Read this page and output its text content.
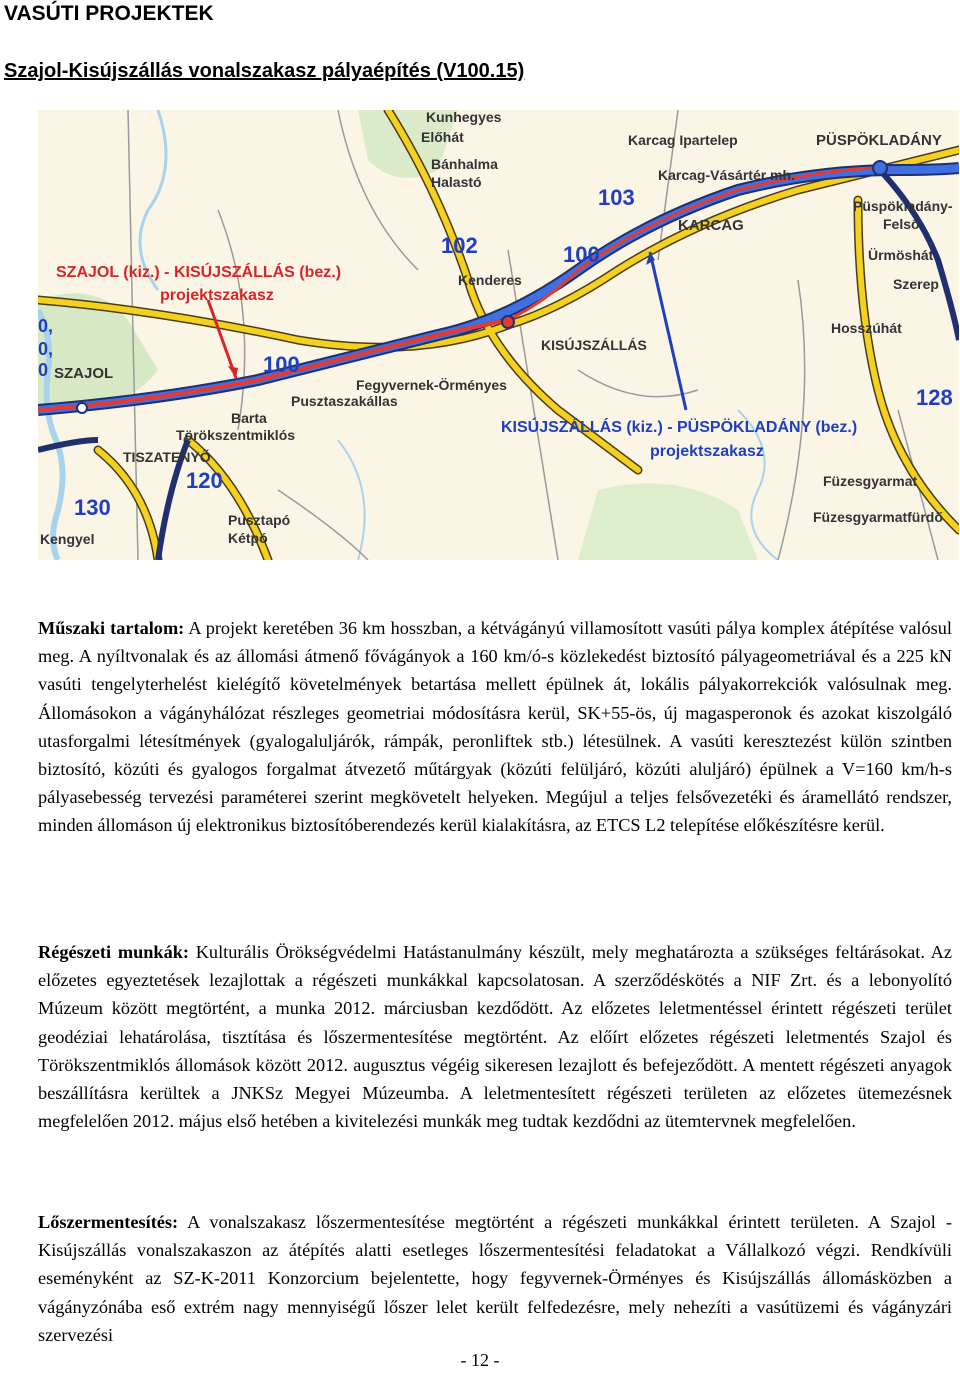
VASÚTI PROJEKTEK
Szajol-Kisújszállás vonalszakasz pályaépítés (V100.15)
103
102	100
100
120
130
128
0,
0,
0
Kunhegyes
Előhát
Bánhalma
Halastó
Karcag Ipartelep
Karcag-Vásártér mh.
PÜSPÖKLADÁNY
Püspökladány-
Felső
KARCAG
Ürmöshát
Szerep
Kenderes
KISÚJSZÁLLÁS
Hosszúhát
SZAJOL
Fegyvernek-Örményes
Pusztaszakállas
Barta
Törökszentmiklós
TISZATENYŐ
Pusztapó
Kétpó
Kengyel
Füzesgyarmat
Füzesgyarmatfürdő
SZAJOL (kiz.) - KISÚJSZÁLLÁS (bez.)
projektszakasz
KISÚJSZÁLLÁS (kiz.) - PÜSPÖKLADÁNY (bez.)
projektszakasz
Műszaki tartalom: A projekt keretében 36 km hosszban, a kétvágányú villamosított vasúti pálya komplex átépítése valósul meg. A nyíltvonalak és az állomási átmenő fővágányok a 160 km/ó-s közlekedést biztosító pályageometriával és a 225 kN vasúti tengelyterhelést kielégítő követelmények betartása mellett épülnek át, lokális pályakorrekciók valósulnak meg. Állomásokon a vágányhálózat részleges geometriai módosításra kerül, SK+55-ös, új magasperonok és azokat kiszolgáló utasforgalmi létesítmények (gyalogaluljárók, rámpák, peronliftek stb.) létesülnek. A vasúti keresztezést külön szintben biztosító, közúti és gyalogos forgalmat átvezető műtárgyak (közúti felüljáró, közúti aluljáró) épülnek a V=160 km/h-s pályasebesség tervezési paraméterei szerint megkövetelt helyeken. Megújul a teljes felsővezetéki és áramellátó rendszer, minden állomáson új elektronikus biztosítóberendezés kerül kialakításra, az ETCS L2 telepítése előkészítésre kerül.
Régészeti munkák: Kulturális Örökségvédelmi Hatástanulmány készült, mely meghatározta a szükséges feltárásokat. Az előzetes egyeztetések lezajlottak a régészeti munkákkal kapcsolatosan. A szerződéskötés a NIF Zrt. és a lebonyolító Múzeum között megtörtént, a munka 2012. márciusban kezdődött. Az előzetes leletmentéssel érintett régészeti terület geodéziai lehatárolása, tisztítása és lőszermentesítése megtörtént. Az előírt előzetes régészeti leletmentés Szajol és Törökszentmiklós állomások között 2012. augusztus végéig sikeresen lezajlott és befejeződött. A mentett régészeti anyagok beszállításra kerültek a JNKSz Megyei Múzeumba. A leletmentesített régészeti területen az előzetes ütemezésnek megfelelően 2012. május első hetében a kivitelezési munkák meg tudtak kezdődni az ütemtervnek megfelelően.
Lőszermentesítés: A vonalszakasz lőszermentesítése megtörtént a régészeti munkákkal érintett területen. A Szajol - Kisújszállás vonalszakaszon az átépítés alatti esetleges lőszermentesítési feladatokat a Vállalkozó végzi. Rendkívüli eseményként az SZ-K-2011 Konzorcium bejelentette, hogy fegyvernek-Örményes és Kisújszállás állomásközben a vágányzónába eső extrém nagy mennyiségű lőszer lelet került felfedezésre, mely nehezíti a vasútüzemi és vágányzári szervezési
- 12 -
